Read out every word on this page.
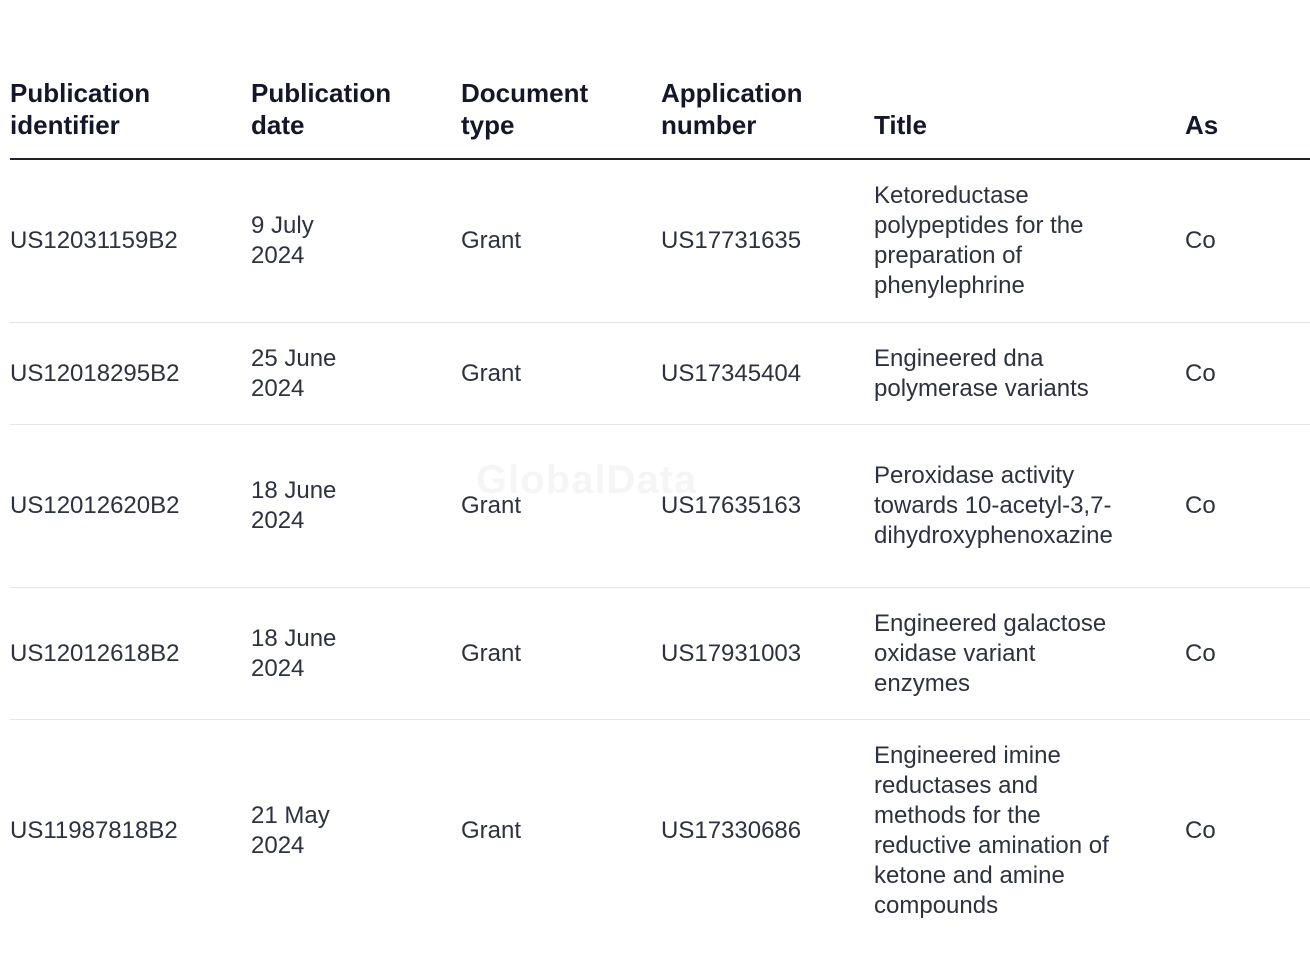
Publication identifier	Publication date	Document type	Application number	Title	As

US12031159B2	9 July 2024	Grant	US17731635	Ketoreductase polypeptides for the preparation of phenylephrine	Co

US12018295B2	25 June 2024	Grant	US17345404	Engineered dna polymerase variants	Co

US12012620B2	18 June 2024	Grant	US17635163	Peroxidase activity towards 10-acetyl-3,7-dihydroxyphenoxazine	Co

US12012618B2	18 June 2024	Grant	US17931003	Engineered galactose oxidase variant enzymes	Co

US11987818B2	21 May 2024	Grant	US17330686	Engineered imine reductases and methods for the reductive amination of ketone and amine compounds	Co
